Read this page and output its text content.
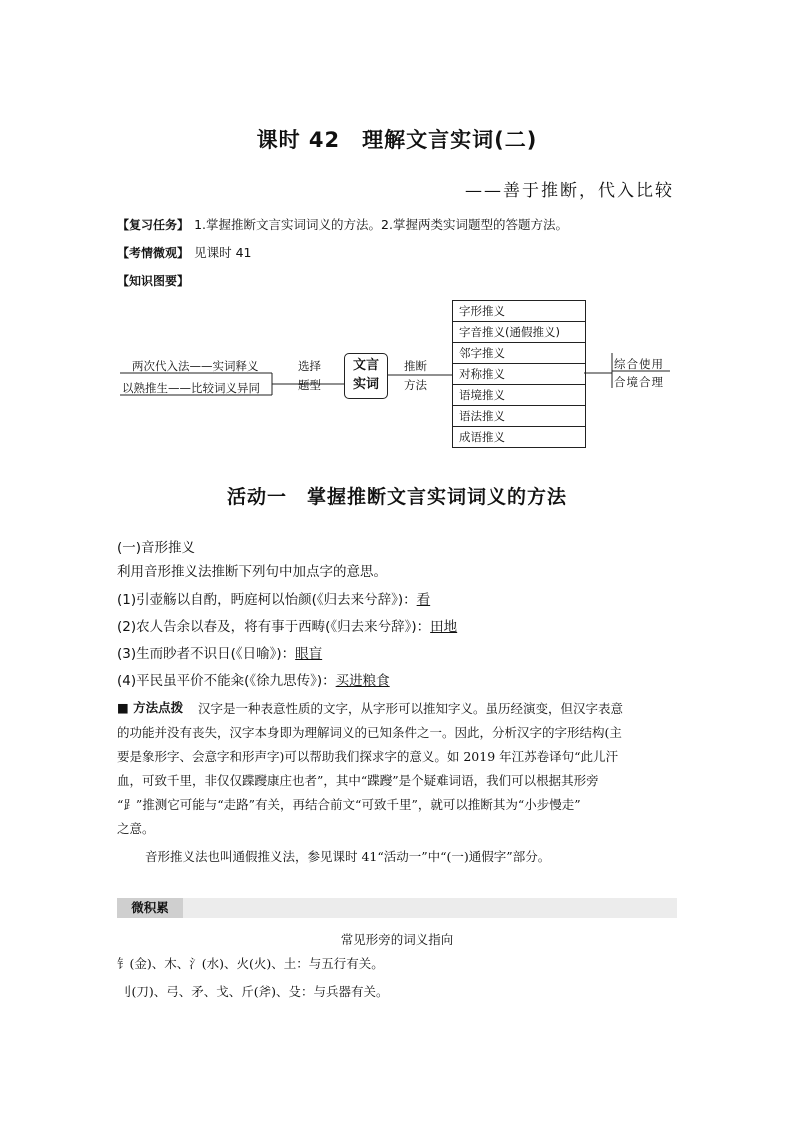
课时 42　理解文言实词(二)
——善于推断，代入比较
【复习任务】 1.掌握推断文言实词词义的方法。2.掌握两类实词题型的答题方法。
【考情微观】 见课时 41
【知识图要】
两次代入法——实词释义
以熟推生——比较词义异同
选择
题型
文言
实词
推断
方法
字形推义
字音推义(通假推义)
邻字推义
对称推义
语境推义
语法推义
成语推义
综合使用
合境合理
活动一　掌握推断文言实词词义的方法
(一)音形推义
利用音形推义法推断下列句中加点字的意思。
(1)引壶觞以自酌，眄庭柯以怡颜(《归去来兮辞》)：看
(2)农人告余以春及，将有事于西畴(《归去来兮辞》)：田地
(3)生而眇者不识日(《日喻》)：眼盲
(4)平民虽平价不能籴(《徐九思传》)：买进粮食
■ 方法点拨 汉字是一种表意性质的文字，从字形可以推知字义。虽历经演变，但汉字表意
的功能并没有丧失，汉字本身即为理解词义的已知条件之一。因此，分析汉字的字形结构(主
要是象形字、会意字和形声字)可以帮助我们探求字的意义。如 2019 年江苏卷译句“此儿汗
血，可致千里，非仅仅蹀躞康庄也者”，其中“蹀躞”是个疑难词语，我们可以根据其形旁
“⻊”推测它可能与“走路”有关，再结合前文“可致千里”，就可以推断其为“小步慢走”
之意。
音形推义法也叫通假推义法，参见课时 41“活动一”中“(一)通假字”部分。
微积累
常见形旁的词义指向
钅(金)、木、氵(水)、火(火)、土：与五行有关。
刂(刀)、弓、矛、戈、斤(斧)、殳：与兵器有关。
